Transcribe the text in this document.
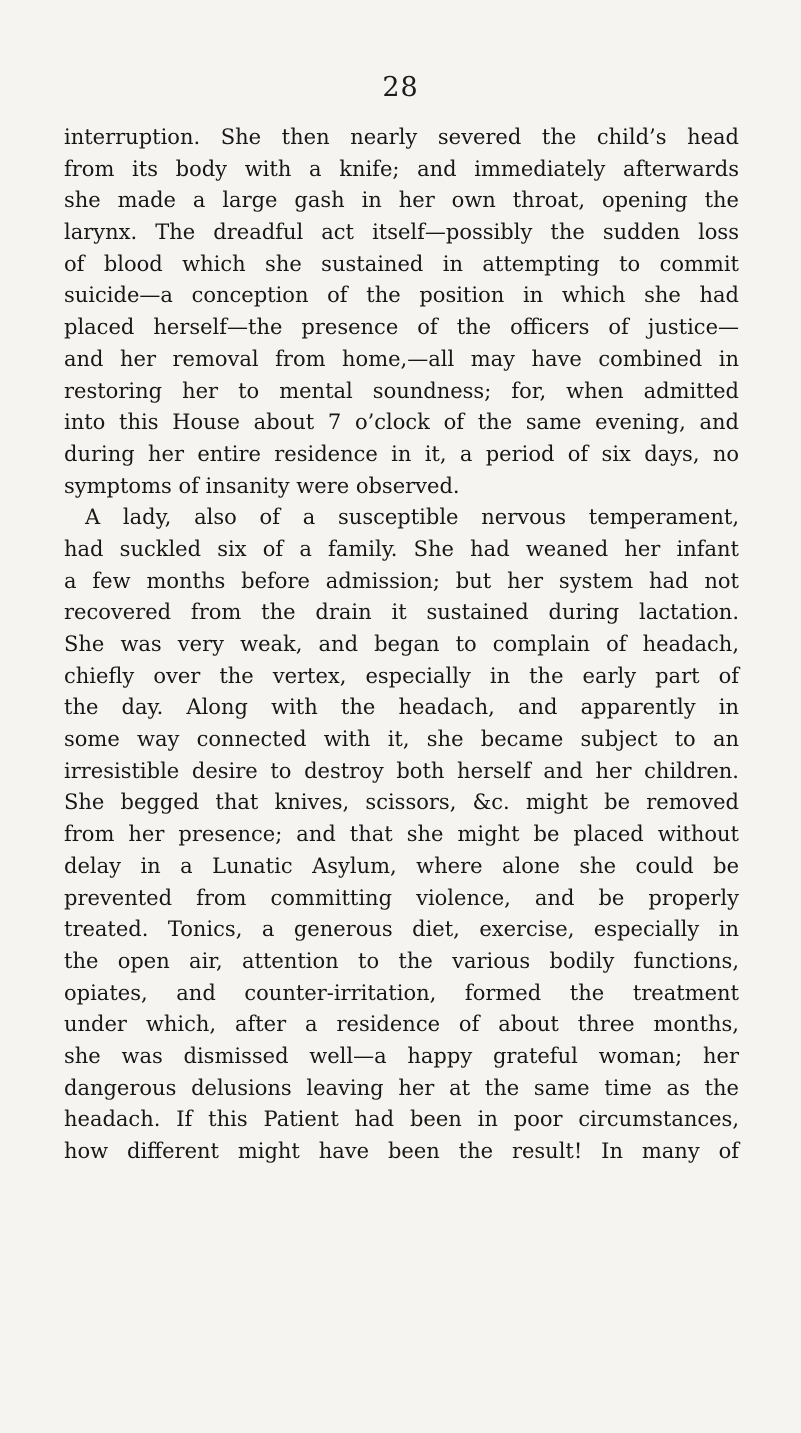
28
interruption. She then nearly severed the child’s head
from its body with a knife; and immediately afterwards
she made a large gash in her own throat, opening the
larynx. The dreadful act itself—possibly the sudden loss
of blood which she sustained in attempting to commit
suicide—a conception of the position in which she had
placed herself—the presence of the officers of justice—
and her removal from home,—all may have combined in
restoring her to mental soundness; for, when admitted
into this House about 7 o’clock of the same evening, and
during her entire residence in it, a period of six days, no
symptoms of insanity were observed.
A lady, also of a susceptible nervous temperament,
had suckled six of a family. She had weaned her infant
a few months before admission; but her system had not
recovered from the drain it sustained during lactation.
She was very weak, and began to complain of headach,
chiefly over the vertex, especially in the early part of
the day. Along with the headach, and apparently in
some way connected with it, she became subject to an
irresistible desire to destroy both herself and her children.
She begged that knives, scissors, &c. might be removed
from her presence; and that she might be placed without
delay in a Lunatic Asylum, where alone she could be
prevented from committing violence, and be properly
treated. Tonics, a generous diet, exercise, especially in
the open air, attention to the various bodily functions,
opiates, and counter-irritation, formed the treatment
under which, after a residence of about three months,
she was dismissed well—a happy grateful woman; her
dangerous delusions leaving her at the same time as the
headach. If this Patient had been in poor circumstances,
how different might have been the result! In many of
